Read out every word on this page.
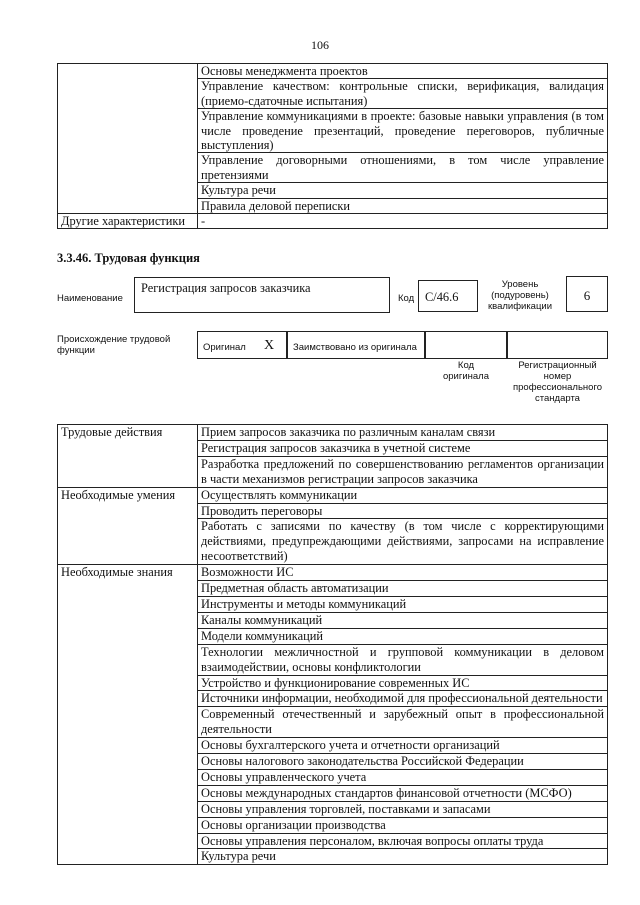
106
	Основы менеджмента проектов
	Управление качеством: контрольные списки, верификация, валидация (приемо-сдаточные испытания)
	Управление коммуникациями в проекте: базовые навыки управления (в том числе проведение презентаций, проведение переговоров, публичные выступления)
	Управление договорными отношениями, в том числе управление претензиями
	Культура речи
	Правила деловой переписки
Другие характеристики	-
3.3.46. Трудовая функция
Наименование
Регистрация запросов заказчика
Код С/46.6
Уровень (подуровень) квалификации
6
Происхождение трудовой функции	Оригинал Х Заимствовано из оригинала
Код оригинала
Регистрационный номер профессионального стандарта
Трудовые действия	Прием запросов заказчика по различным каналам связи
	Регистрация запросов заказчика в учетной системе
	Разработка предложений по совершенствованию регламентов организации в части механизмов регистрации запросов заказчика
Необходимые умения	Осуществлять коммуникации
	Проводить переговоры
	Работать с записями по качеству (в том числе с корректирующими действиями, предупреждающими действиями, запросами на исправление несоответствий)
Необходимые знания	Возможности ИС
	Предметная область автоматизации
	Инструменты и методы коммуникаций
	Каналы коммуникаций
	Модели коммуникаций
	Технологии межличностной и групповой коммуникации в деловом взаимодействии, основы конфликтологии
	Устройство и функционирование современных ИС
	Источники информации, необходимой для профессиональной деятельности
	Современный отечественный и зарубежный опыт в профессиональной деятельности
	Основы бухгалтерского учета и отчетности организаций
	Основы налогового законодательства Российской Федерации
	Основы управленческого учета
	Основы международных стандартов финансовой отчетности (МСФО)
	Основы управления торговлей, поставками и запасами
	Основы организации производства
	Основы управления персоналом, включая вопросы оплаты труда
	Культура речи
